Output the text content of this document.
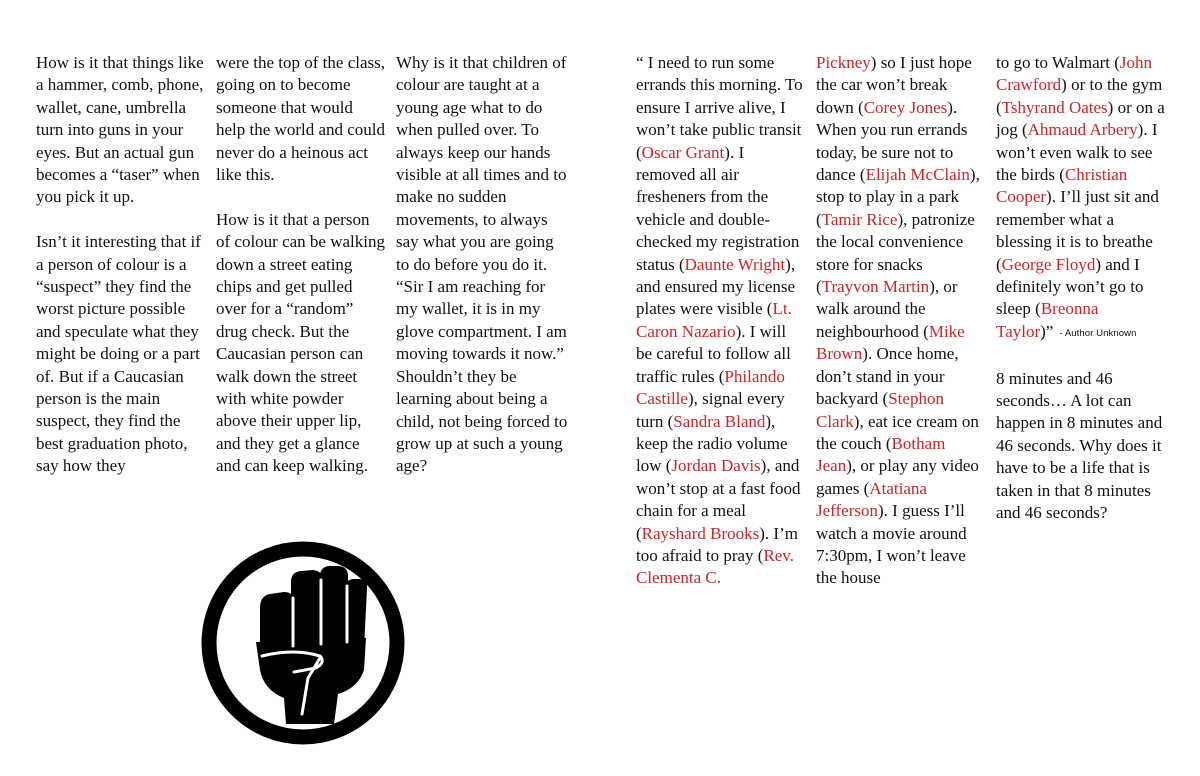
How is it that things like a hammer, comb, phone, wallet, cane, umbrella turn into guns in your eyes. But an actual gun becomes a “taser” when you pick it up.

Isn’t it interesting that if a person of colour is a “suspect” they find the worst picture possible and speculate what they might be doing or a part of. But if a Caucasian person is the main suspect, they find the best graduation photo, say how they

were the top of the class, going on to become someone that would help the world and could never do a heinous act like this.

How is it that a person of colour can be walking down a street eating chips and get pulled over for a “random” drug check. But the Caucasian person can walk down the street with white powder above their upper lip, and they get a glance and can keep walking.

Why is it that children of colour are taught at a young age what to do when pulled over. To always keep our hands visible at all times and to make no sudden movements, to always say what you are going to do before you do it. “Sir I am reaching for my wallet, it is in my glove compartment. I am moving towards it now.” Shouldn’t they be learning about being a child, not being forced to grow up at such a young age?

“ I need to run some errands this morning. To ensure I arrive alive, I won’t take public transit (Oscar Grant). I removed all air fresheners from the vehicle and double-checked my registration status (Daunte Wright), and ensured my license plates were visible (Lt. Caron Nazario). I will be careful to follow all traffic rules (Philando Castille), signal every turn (Sandra Bland), keep the radio volume low (Jordan Davis), and won’t stop at a fast food chain for a meal (Rayshard Brooks). I’m too afraid to pray (Rev. Clementa C.

Pickney) so I just hope the car won’t break down (Corey Jones). When you run errands today, be sure not to dance (Elijah McClain), stop to play in a park (Tamir Rice), patronize the local convenience store for snacks (Trayvon Martin), or walk around the neighbourhood (Mike Brown). Once home, don’t stand in your backyard (Stephon Clark), eat ice cream on the couch (Botham Jean), or play any video games (Atatiana Jefferson). I guess I’ll watch a movie around 7:30pm, I won’t leave the house

to go to Walmart (John Crawford) or to the gym (Tshyrand Oates) or on a jog (Ahmaud Arbery). I won’t even walk to see the birds (Christian Cooper). I’ll just sit and remember what a blessing it is to breathe (George Floyd) and I definitely won’t go to sleep (Breonna Taylor)” - Author Unknown

8 minutes and 46 seconds… A lot can happen in 8 minutes and 46 seconds. Why does it have to be a life that is taken in that 8 minutes and 46 seconds?
